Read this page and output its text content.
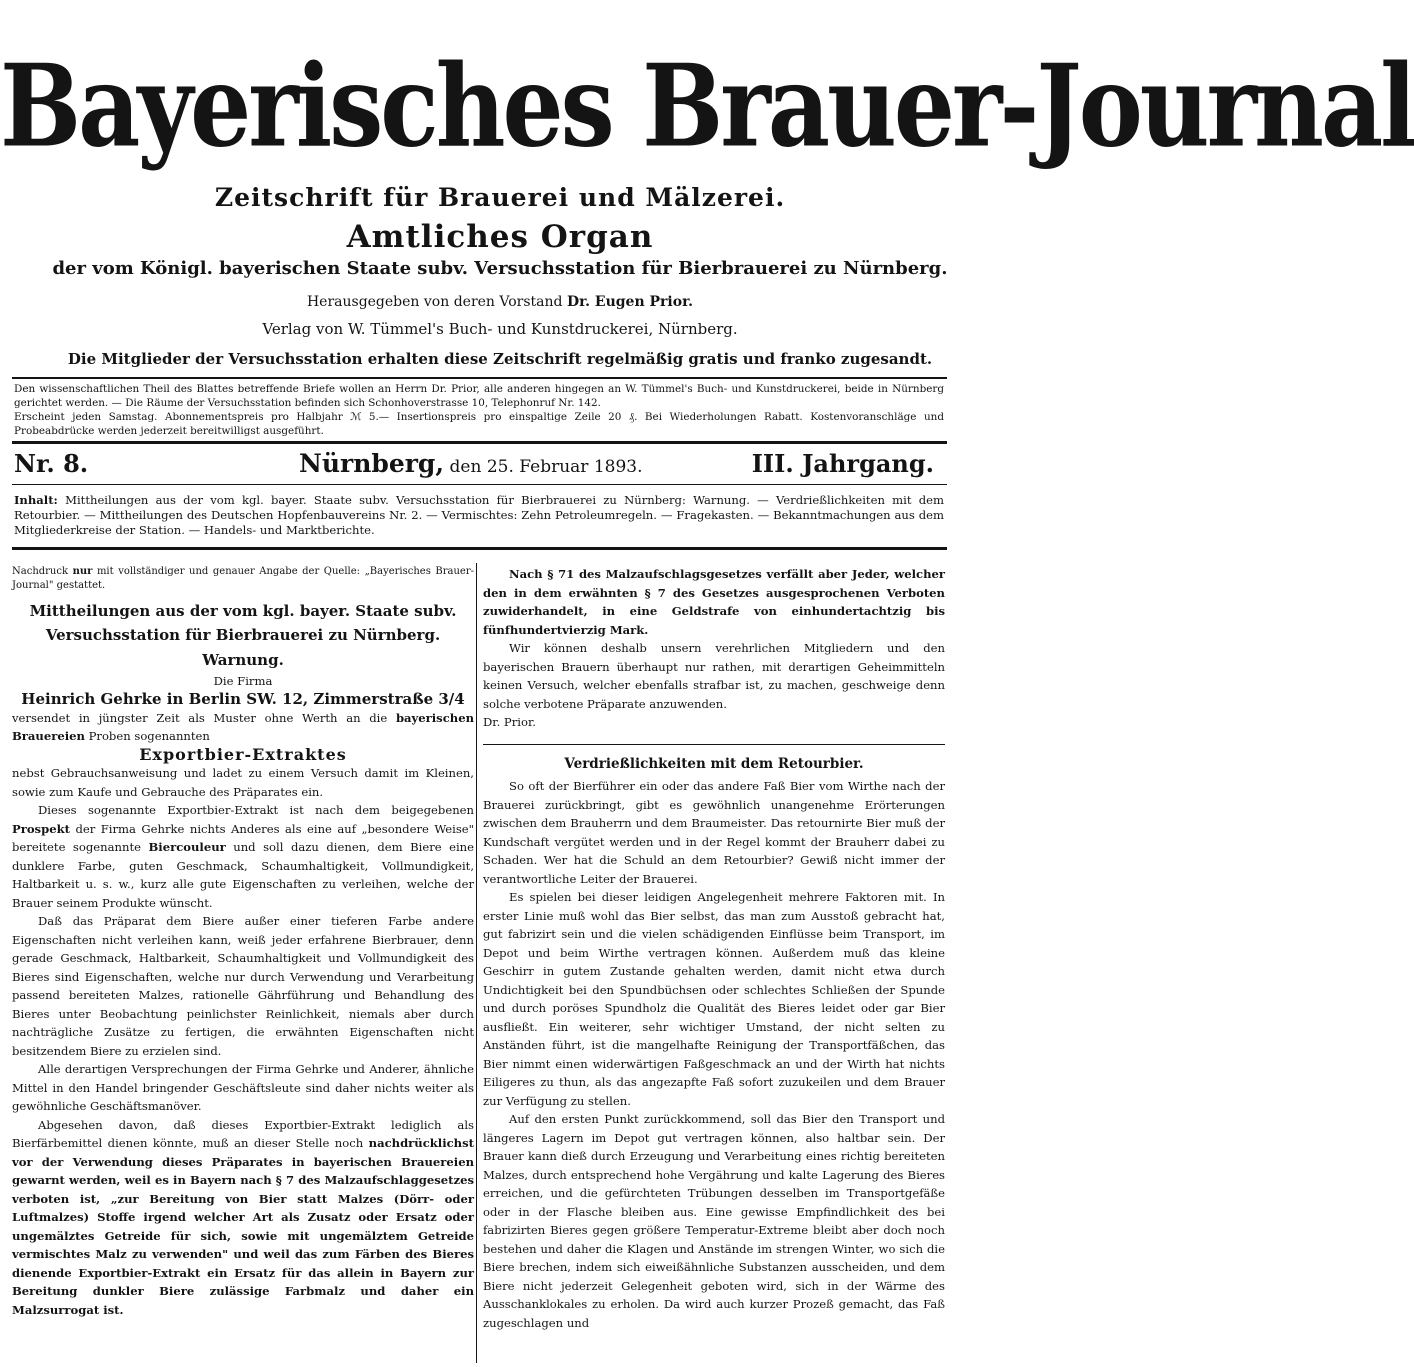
Bayerisches Brauer-Journal
Zeitschrift für Brauerei und Mälzerei.
Amtliches Organ
der vom Königl. bayerischen Staate subv. Versuchsstation für Bierbrauerei zu Nürnberg.
Herausgegeben von deren Vorstand Dr. Eugen Prior.
Verlag von W. Tümmel's Buch- und Kunstdruckerei, Nürnberg.
Die Mitglieder der Versuchsstation erhalten diese Zeitschrift regelmäßig gratis und franko zugesandt.

Den wissenschaftlichen Theil des Blattes betreffende Briefe wollen an Herrn Dr. Prior, alle anderen hingegen an W. Tümmel's Buch- und Kunstdruckerei, beide in Nürnberg gerichtet werden. — Die Räume der Versuchsstation befinden sich Schonhoverstrasse 10, Telephonruf Nr. 142.

Erscheint jeden Samstag. Abonnementspreis pro Halbjahr ℳ 5.— Insertionspreis pro einspaltige Zeile 20 ₰. Bei Wiederholungen Rabatt. Kostenvoranschläge und Probeabdrücke werden jederzeit bereitwilligst ausgeführt.

Nr. 8.	Nürnberg, den 25. Februar 1893.	III. Jahrgang.
Inhalt: Mittheilungen aus der vom kgl. bayer. Staate subv. Versuchsstation für Bierbrauerei zu Nürnberg: Warnung. — Verdrießlichkeiten mit dem Retourbier. — Mittheilungen des Deutschen Hopfenbauvereins Nr. 2. — Vermischtes: Zehn Petroleumregeln. — Fragekasten. — Bekanntmachungen aus dem Mitgliederkreise der Station. — Handels- und Marktberichte.

Nachdruck nur mit vollständiger und genauer Angabe der Quelle: „Bayerisches Brauer-Journal" gestattet.

Mittheilungen aus der vom kgl. bayer. Staate subv. Versuchsstation für Bierbrauerei zu Nürnberg.
Warnung.

Die Firma

Heinrich Gehrke in Berlin SW. 12, Zimmerstraße 3/4

versendet in jüngster Zeit als Muster ohne Werth an die bayerischen Brauereien Proben sogenannten

Exportbier-Extraktes

nebst Gebrauchsanweisung und ladet zu einem Versuch damit im Kleinen, sowie zum Kaufe und Gebrauche des Präparates ein.

Dieses sogenannte Exportbier-Extrakt ist nach dem beigegebenen Prospekt der Firma Gehrke nichts Anderes als eine auf „besondere Weise" bereitete sogenannte Biercouleur und soll dazu dienen, dem Biere eine dunklere Farbe, guten Geschmack, Schaumhaltigkeit, Vollmundigkeit, Haltbarkeit u. s. w., kurz alle gute Eigenschaften zu verleihen, welche der Brauer seinem Produkte wünscht.

Daß das Präparat dem Biere außer einer tieferen Farbe andere Eigenschaften nicht verleihen kann, weiß jeder erfahrene Bierbrauer, denn gerade Geschmack, Haltbarkeit, Schaumhaltigkeit und Vollmundigkeit des Bieres sind Eigenschaften, welche nur durch Verwendung und Verarbeitung passend bereiteten Malzes, rationelle Gährführung und Behandlung des Bieres unter Beobachtung peinlichster Reinlichkeit, niemals aber durch nachträgliche Zusätze zu fertigen, die erwähnten Eigenschaften nicht besitzendem Biere zu erzielen sind.

Alle derartigen Versprechungen der Firma Gehrke und Anderer, ähnliche Mittel in den Handel bringender Geschäftsleute sind daher nichts weiter als gewöhnliche Geschäftsmanöver.

Abgesehen davon, daß dieses Exportbier-Extrakt lediglich als Bierfärbemittel dienen könnte, muß an dieser Stelle noch nachdrücklichst vor der Verwendung dieses Präparates in bayerischen Brauereien gewarnt werden, weil es in Bayern nach § 7 des Malzaufschlaggesetzes verboten ist, „zur Bereitung von Bier statt Malzes (Dörr- oder Luftmalzes) Stoffe irgend welcher Art als Zusatz oder Ersatz oder ungemälztes Getreide für sich, sowie mit ungemälztem Getreide vermischtes Malz zu verwenden" und weil das zum Färben des Bieres dienende Exportbier-Extrakt ein Ersatz für das allein in Bayern zur Bereitung dunkler Biere zulässige Farbmalz und daher ein Malzsurrogat ist.

Nach § 71 des Malzaufschlagsgesetzes verfällt aber Jeder, welcher den in dem erwähnten § 7 des Gesetzes ausgesprochenen Verboten zuwiderhandelt, in eine Geldstrafe von einhundertachtzig bis fünfhundertvierzig Mark.

Wir können deshalb unsern verehrlichen Mitgliedern und den bayerischen Brauern überhaupt nur rathen, mit derartigen Geheimmitteln keinen Versuch, welcher ebenfalls strafbar ist, zu machen, geschweige denn solche verbotene Präparate anzuwenden.

Dr. Prior.

Verdrießlichkeiten mit dem Retourbier.

So oft der Bierführer ein oder das andere Faß Bier vom Wirthe nach der Brauerei zurückbringt, gibt es gewöhnlich unangenehme Erörterungen zwischen dem Brauherrn und dem Braumeister. Das retournirte Bier muß der Kundschaft vergütet werden und in der Regel kommt der Brauherr dabei zu Schaden. Wer hat die Schuld an dem Retourbier? Gewiß nicht immer der verantwortliche Leiter der Brauerei.

Es spielen bei dieser leidigen Angelegenheit mehrere Faktoren mit. In erster Linie muß wohl das Bier selbst, das man zum Ausstoß gebracht hat, gut fabrizirt sein und die vielen schädigenden Einflüsse beim Transport, im Depot und beim Wirthe vertragen können. Außerdem muß das kleine Geschirr in gutem Zustande gehalten werden, damit nicht etwa durch Undichtigkeit bei den Spundbüchsen oder schlechtes Schließen der Spunde und durch poröses Spundholz die Qualität des Bieres leidet oder gar Bier ausfließt. Ein weiterer, sehr wichtiger Umstand, der nicht selten zu Anständen führt, ist die mangelhafte Reinigung der Transportfäßchen, das Bier nimmt einen widerwärtigen Faßgeschmack an und der Wirth hat nichts Eiligeres zu thun, als das angezapfte Faß sofort zuzukeilen und dem Brauer zur Verfügung zu stellen.

Auf den ersten Punkt zurückkommend, soll das Bier den Transport und längeres Lagern im Depot gut vertragen können, also haltbar sein. Der Brauer kann dieß durch Erzeugung und Verarbeitung eines richtig bereiteten Malzes, durch entsprechend hohe Vergährung und kalte Lagerung des Bieres erreichen, und die gefürchteten Trübungen desselben im Transportgefäße oder in der Flasche bleiben aus. Eine gewisse Empfindlichkeit des bei fabrizirten Bieres gegen größere Temperatur-Extreme bleibt aber doch noch bestehen und daher die Klagen und Anstände im strengen Winter, wo sich die Biere brechen, indem sich eiweißähnliche Substanzen ausscheiden, und dem Biere nicht jederzeit Gelegenheit geboten wird, sich in der Wärme des Ausschanklokales zu erholen. Da wird auch kurzer Prozeß gemacht, das Faß zugeschlagen und
